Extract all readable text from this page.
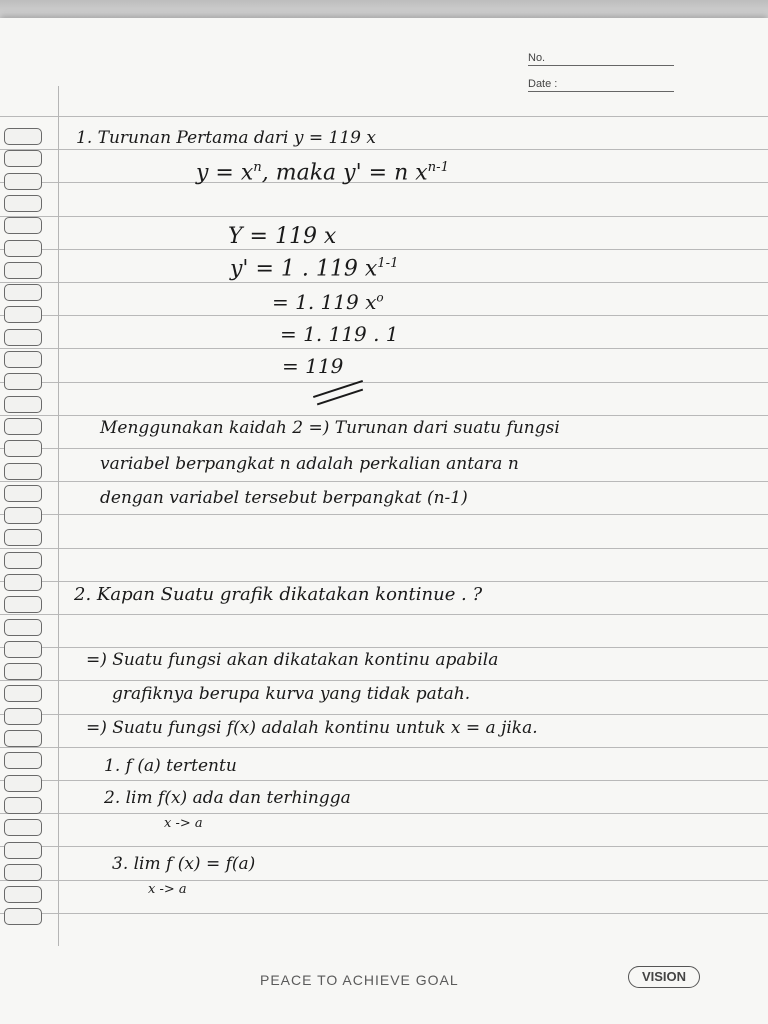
No.
Date :
1. Turunan Pertama dari y = 119 x
$y = x^n$, maka y' = n $x^{n-1}$
Y = 119 x
y' = 1 . 119 $x^{1-1}$
= 1. 119 $x^o$
= 1. 119 . 1
= 119
Menggunakan kaidah 2 =) Turunan dari suatu fungsi
variabel berpangkat n adalah perkalian antara n
dengan variabel tersebut berpangkat (n-1)
2. Kapan Suatu grafik dikatakan kontinue . ?
=) Suatu fungsi akan dikatakan kontinu apabila
grafiknya berupa kurva yang tidak patah.
=) Suatu fungsi f(x) adalah kontinu untuk x = a jika.
1. f (a) tertentu
2. lim f(x) ada dan terhingga
x -> a
3. lim f (x) = f(a)
x -> a
PEACE TO ACHIEVE GOAL	VISION
